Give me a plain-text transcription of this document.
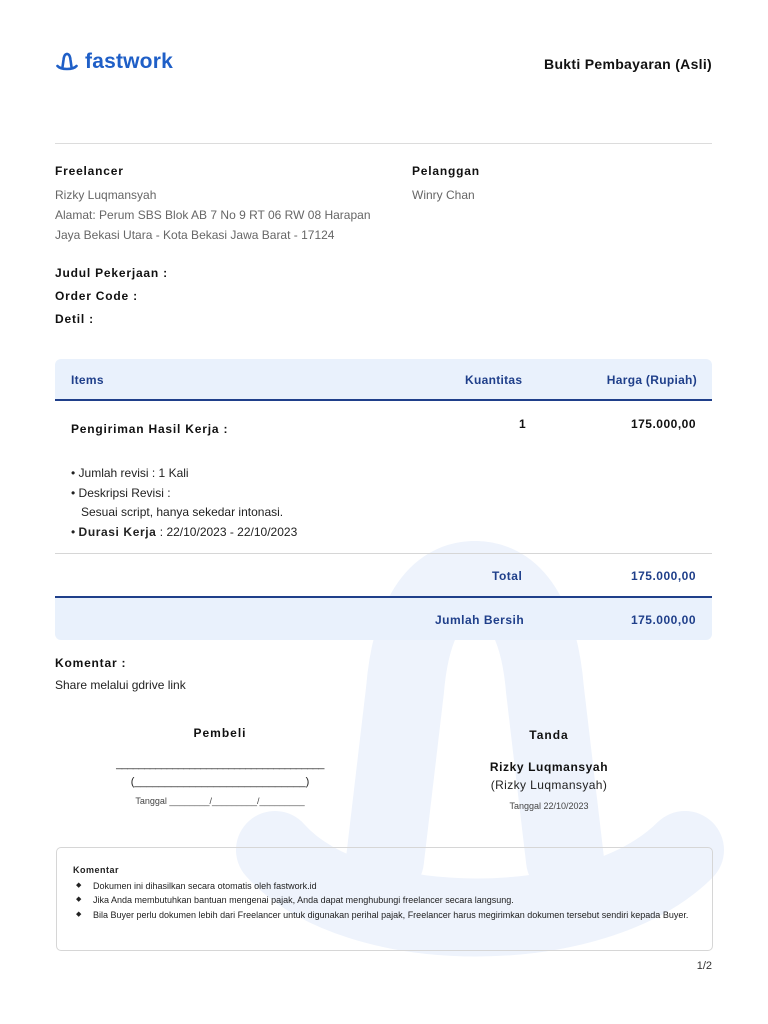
fastwork	Bukti Pembayaran (Asli)
Freelancer
Rizky Luqmansyah
Alamat: Perum SBS Blok AB 7 No 9 RT 06 RW 08 Harapan
Jaya Bekasi Utara - Kota Bekasi Jawa Barat - 17124
Pelanggan
Winry Chan
Judul Pekerjaan :
Order Code :
Detil :
Items	Kuantitas	Harga (Rupiah)
Pengiriman Hasil Kerja :	1	175.000,00
• Jumlah revisi : 1 Kali
• Deskripsi Revisi :
Sesuai script, hanya sekedar intonasi.
• Durasi Kerja : 22/10/2023 - 22/10/2023
Total	175.000,00
Jumlah Bersih	175.000,00
Komentar :
Share melalui gdrive link
Pembeli
_____________________________________
(____________________________)
Tanggal ________/_________/_________
Tanda
Rizky Luqmansyah
(Rizky Luqmansyah)
Tanggal 22/10/2023
Komentar
◆ Dokumen ini dihasilkan secara otomatis oleh fastwork.id
◆ Jika Anda membutuhkan bantuan mengenai pajak, Anda dapat menghubungi freelancer secara langsung.
◆ Bila Buyer perlu dokumen lebih dari Freelancer untuk digunakan perihal pajak, Freelancer harus megirimkan dokumen tersebut sendiri kepada Buyer.
1/2
